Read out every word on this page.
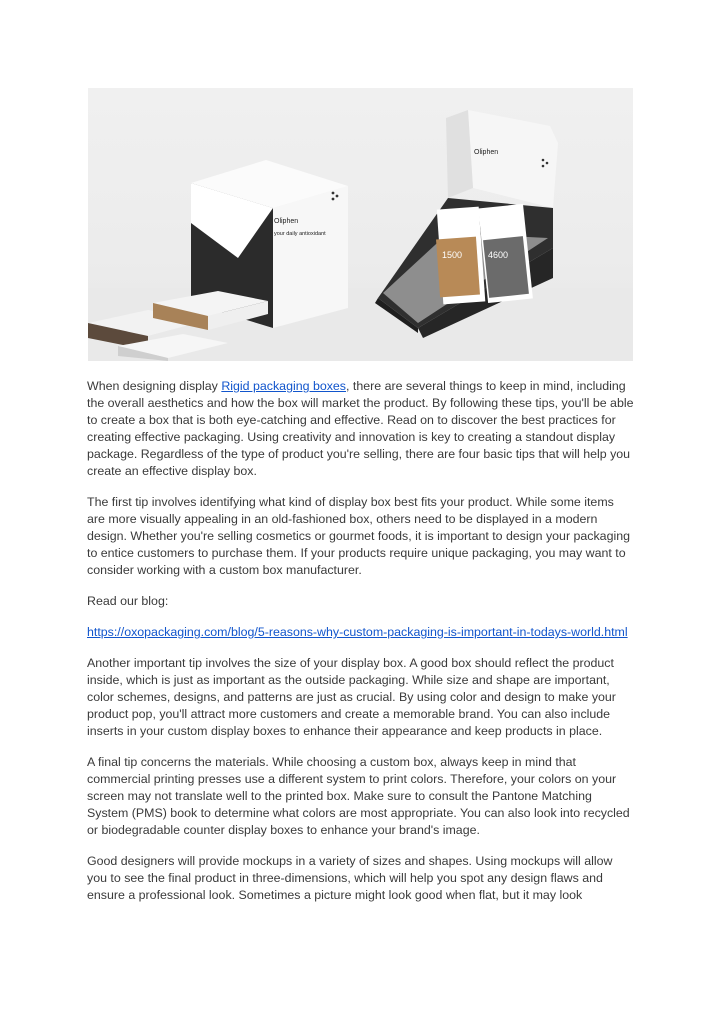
Oliphen
your daily antioxidant
Oliphen
1500	4600

When designing display Rigid packaging boxes, there are several things to keep in mind, including the overall aesthetics and how the box will market the product. By following these tips, you'll be able to create a box that is both eye-catching and effective. Read on to discover the best practices for creating effective packaging. Using creativity and innovation is key to creating a standout display package. Regardless of the type of product you're selling, there are four basic tips that will help you create an effective display box.

The first tip involves identifying what kind of display box best fits your product. While some items are more visually appealing in an old-fashioned box, others need to be displayed in a modern design. Whether you're selling cosmetics or gourmet foods, it is important to design your packaging to entice customers to purchase them. If your products require unique packaging, you may want to consider working with a custom box manufacturer.

Read our blog:

https://oxopackaging.com/blog/5-reasons-why-custom-packaging-is-important-in-todays-world.html

Another important tip involves the size of your display box. A good box should reflect the product inside, which is just as important as the outside packaging. While size and shape are important, color schemes, designs, and patterns are just as crucial. By using color and design to make your product pop, you'll attract more customers and create a memorable brand. You can also include inserts in your custom display boxes to enhance their appearance and keep products in place.

A final tip concerns the materials. While choosing a custom box, always keep in mind that commercial printing presses use a different system to print colors. Therefore, your colors on your screen may not translate well to the printed box. Make sure to consult the Pantone Matching System (PMS) book to determine what colors are most appropriate. You can also look into recycled or biodegradable counter display boxes to enhance your brand's image.

Good designers will provide mockups in a variety of sizes and shapes. Using mockups will allow you to see the final product in three-dimensions, which will help you spot any design flaws and ensure a professional look. Sometimes a picture might look good when flat, but it may look
